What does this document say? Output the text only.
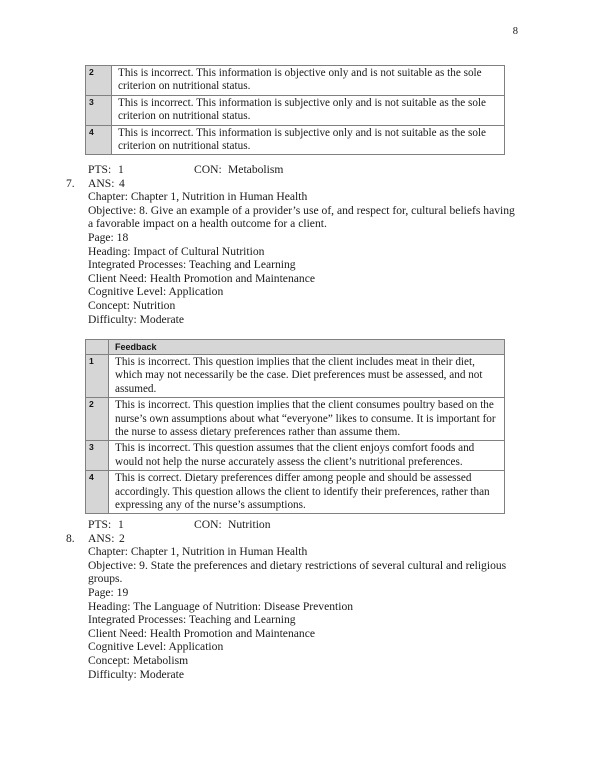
8
2	This is incorrect. This information is objective only and is not suitable as the sole criterion on nutritional status.
3	This is incorrect. This information is subjective only and is not suitable as the sole criterion on nutritional status.
4	This is incorrect. This information is subjective only and is not suitable as the sole criterion on nutritional status.
PTS: 1	CON: Metabolism
7. ANS: 4
Chapter: Chapter 1, Nutrition in Human Health
Objective: 8. Give an example of a provider’s use of, and respect for, cultural beliefs having a favorable impact on a health outcome for a client.
Page: 18
Heading: Impact of Cultural Nutrition
Integrated Processes: Teaching and Learning
Client Need: Health Promotion and Maintenance
Cognitive Level: Application
Concept: Nutrition
Difficulty: Moderate
	Feedback
1	This is incorrect. This question implies that the client includes meat in their diet, which may not necessarily be the case. Diet preferences must be assessed, and not assumed.
2	This is incorrect. This question implies that the client consumes poultry based on the nurse’s own assumptions about what “everyone” likes to consume. It is important for the nurse to assess dietary preferences rather than assume them.
3	This is incorrect. This question assumes that the client enjoys comfort foods and would not help the nurse accurately assess the client’s nutritional preferences.
4	This is correct. Dietary preferences differ among people and should be assessed accordingly. This question allows the client to identify their preferences, rather than expressing any of the nurse’s assumptions.
PTS: 1	CON: Nutrition
8. ANS: 2
Chapter: Chapter 1, Nutrition in Human Health
Objective: 9. State the preferences and dietary restrictions of several cultural and religious groups.
Page: 19
Heading: The Language of Nutrition: Disease Prevention
Integrated Processes: Teaching and Learning
Client Need: Health Promotion and Maintenance
Cognitive Level: Application
Concept: Metabolism
Difficulty: Moderate
